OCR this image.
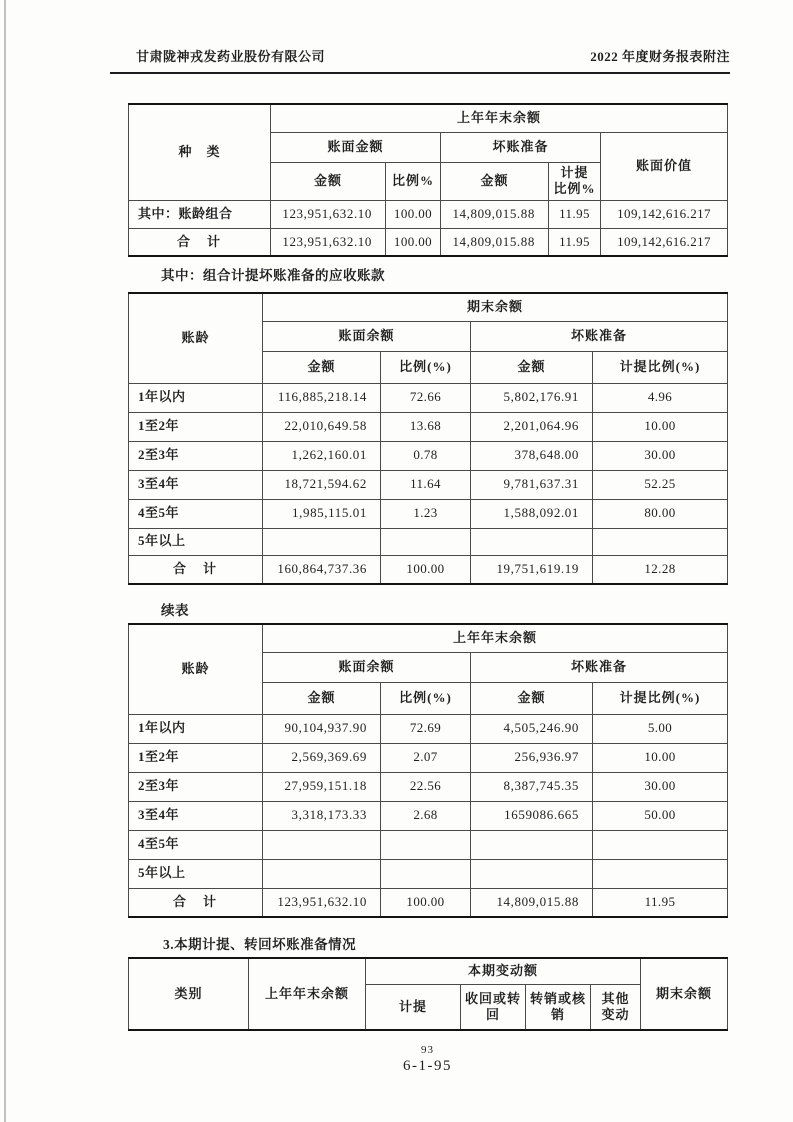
甘肃陇神戎发药业股份有限公司	2022 年度财务报表附注
种　类	上年年末余额				
	账面金额		坏账准备		账面价值
	金额	比例%	金额	计提
比例%	

其中：账龄组合	123,951,632.10	100.00	14,809,015.88	11.95	109,142,616.217
合　计	123,951,632.10	100.00	14,809,015.88	11.95	109,142,616.217
其中：组合计提坏账准备的应收账款
账龄	期末余额			
	账面余额		坏账准备	
	金额	比例(%)	金额	计提比例(%)
1年以内	116,885,218.14	72.66	5,802,176.91	4.96
1至2年	22,010,649.58	13.68	2,201,064.96	10.00
2至3年	1,262,160.01	0.78	378,648.00	30.00
3至4年	18,721,594.62	11.64	9,781,637.31	52.25
4至5年	1,985,115.01	1.23	1,588,092.01	80.00
5年以上				
合　计	160,864,737.36	100.00	19,751,619.19	12.28
续表
账龄	上年年末余额			
	账面余额		坏账准备	
	金额	比例(%)	金额	计提比例(%)
1年以内	90,104,937.90	72.69	4,505,246.90	5.00
1至2年	2,569,369.69	2.07	256,936.97	10.00
2至3年	27,959,151.18	22.56	8,387,745.35	30.00
3至4年	3,318,173.33	2.68	1659086.665	50.00
4至5年				
5年以上				
合　计	123,951,632.10	100.00	14,809,015.88	11.95
3.本期计提、转回坏账准备情况
类别	上年年末余额	本期变动额				期末余额
		计提	收回或转回	转销或核销	其他变动	
93
6-1-95
